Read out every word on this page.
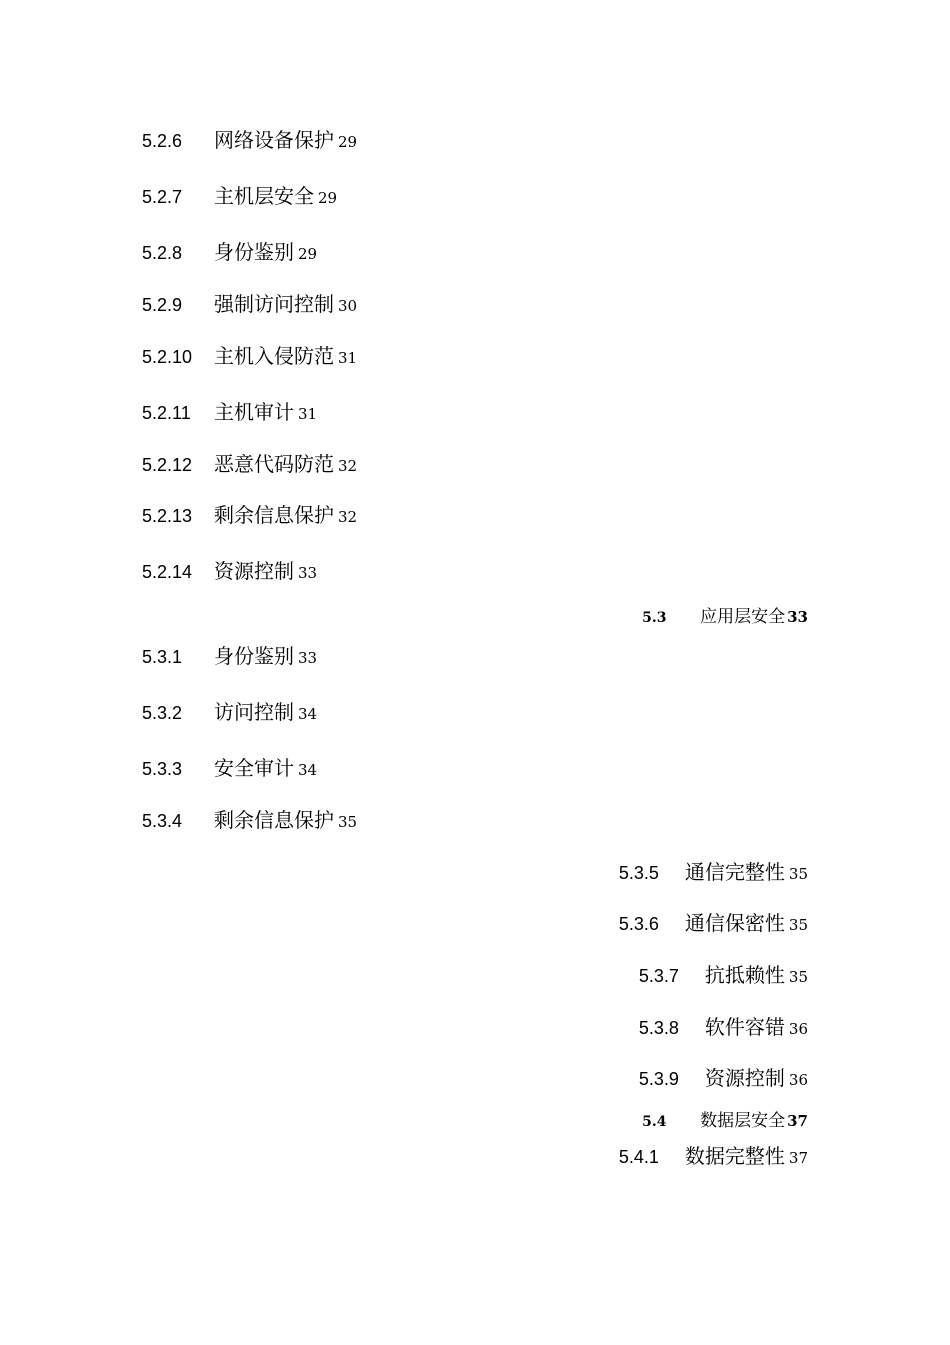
5.2.6 网络设备保护 29
5.2.7 主机层安全 29
5.2.8 身份鉴别 29
5.2.9 强制访问控制 30
5.2.10 主机入侵防范 31
5.2.11 主机审计 31
5.2.12 恶意代码防范 32
5.2.13 剩余信息保护 32
5.2.14 资源控制 33
5.3 应用层安全 33
5.3.1 身份鉴别 33
5.3.2 访问控制 34
5.3.3 安全审计 34
5.3.4 剩余信息保护 35
5.3.5 通信完整性 35
5.3.6 通信保密性 35
5.3.7 抗抵赖性 35
5.3.8 软件容错 36
5.3.9 资源控制 36
5.4 数据层安全 37
5.4.1 数据完整性 37
